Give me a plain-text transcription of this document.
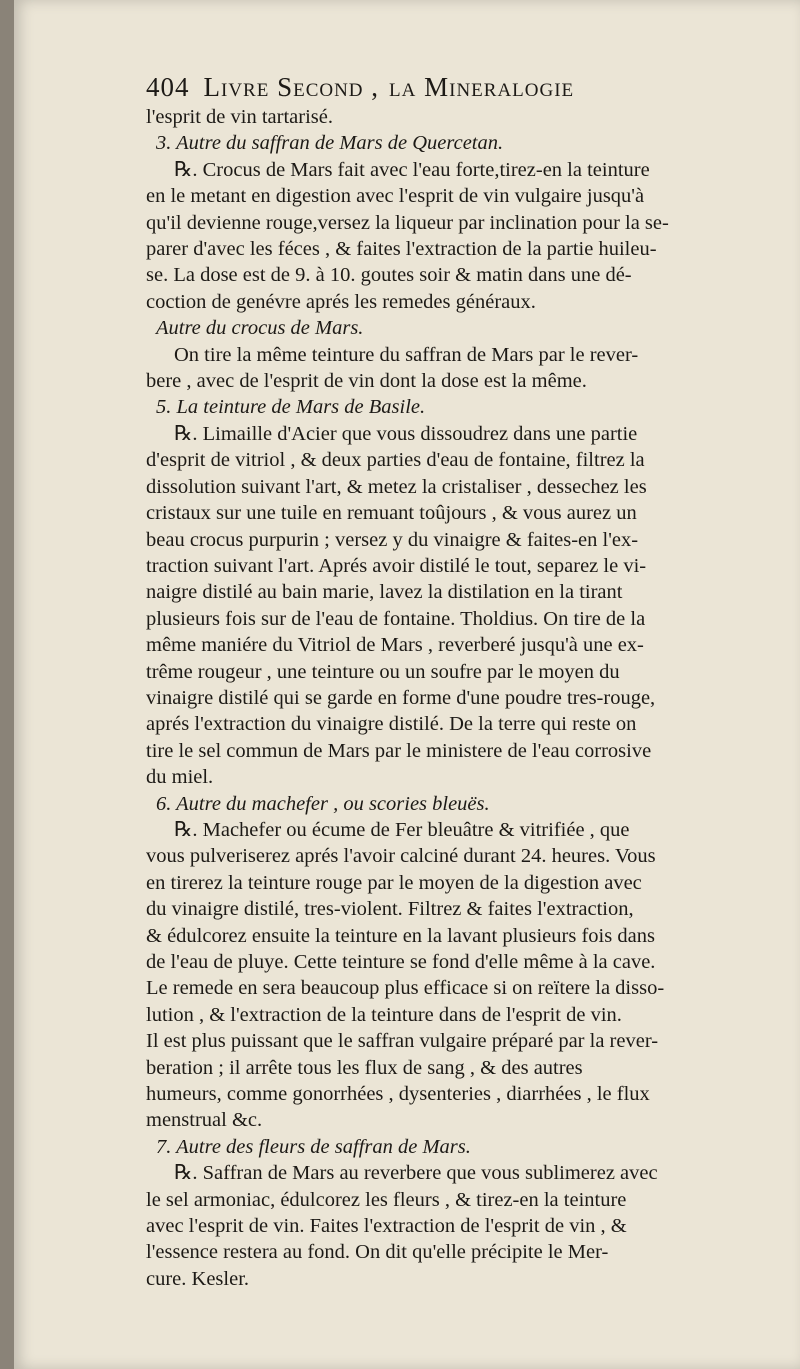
404 Livre Second , la Mineralogie
l'esprit de vin tartarisé.
3. Autre du saffran de Mars de Quercetan.
℞. Crocus de Mars fait avec l'eau forte,tirez-en la teinture
en le metant en digestion avec l'esprit de vin vulgaire jusqu'à
qu'il devienne rouge,versez la liqueur par inclination pour la se-
parer d'avec les féces , & faites l'extraction de la partie huileu-
se. La dose est de 9. à 10. goutes soir & matin dans une dé-
coction de genévre aprés les remedes généraux.
Autre du crocus de Mars.
On tire la même teinture du saffran de Mars par le rever-
bere , avec de l'esprit de vin dont la dose est la même.
5. La teinture de Mars de Basile.
℞. Limaille d'Acier que vous dissoudrez dans une partie
d'esprit de vitriol , & deux parties d'eau de fontaine, filtrez la
dissolution suivant l'art, & metez la cristaliser , dessechez les
cristaux sur une tuile en remuant toûjours , & vous aurez un
beau crocus purpurin ; versez y du vinaigre & faites-en l'ex-
traction suivant l'art. Aprés avoir distilé le tout, separez le vi-
naigre distilé au bain marie, lavez la distilation en la tirant
plusieurs fois sur de l'eau de fontaine. Tholdius. On tire de la
même maniére du Vitriol de Mars , reverberé jusqu'à une ex-
trême rougeur , une teinture ou un soufre par le moyen du
vinaigre distilé qui se garde en forme d'une poudre tres-rouge,
aprés l'extraction du vinaigre distilé. De la terre qui reste on
tire le sel commun de Mars par le ministere de l'eau corrosive
du miel.
6. Autre du machefer , ou scories bleuës.
℞. Machefer ou écume de Fer bleuâtre & vitrifiée , que
vous pulveriserez aprés l'avoir calciné durant 24. heures. Vous
en tirerez la teinture rouge par le moyen de la digestion avec
du vinaigre distilé, tres-violent. Filtrez & faites l'extraction,
& édulcorez ensuite la teinture en la lavant plusieurs fois dans
de l'eau de pluye. Cette teinture se fond d'elle même à la cave.
Le remede en sera beaucoup plus efficace si on reïtere la disso-
lution , & l'extraction de la teinture dans de l'esprit de vin.
Il est plus puissant que le saffran vulgaire préparé par la rever-
beration ; il arrête tous les flux de sang , & des autres
humeurs, comme gonorrhées , dysenteries , diarrhées , le flux
menstrual &c.
7. Autre des fleurs de saffran de Mars.
℞. Saffran de Mars au reverbere que vous sublimerez avec
le sel armoniac, édulcorez les fleurs , & tirez-en la teinture
avec l'esprit de vin. Faites l'extraction de l'esprit de vin , &
l'essence restera au fond. On dit qu'elle précipite le Mer-
cure. Kesler.
